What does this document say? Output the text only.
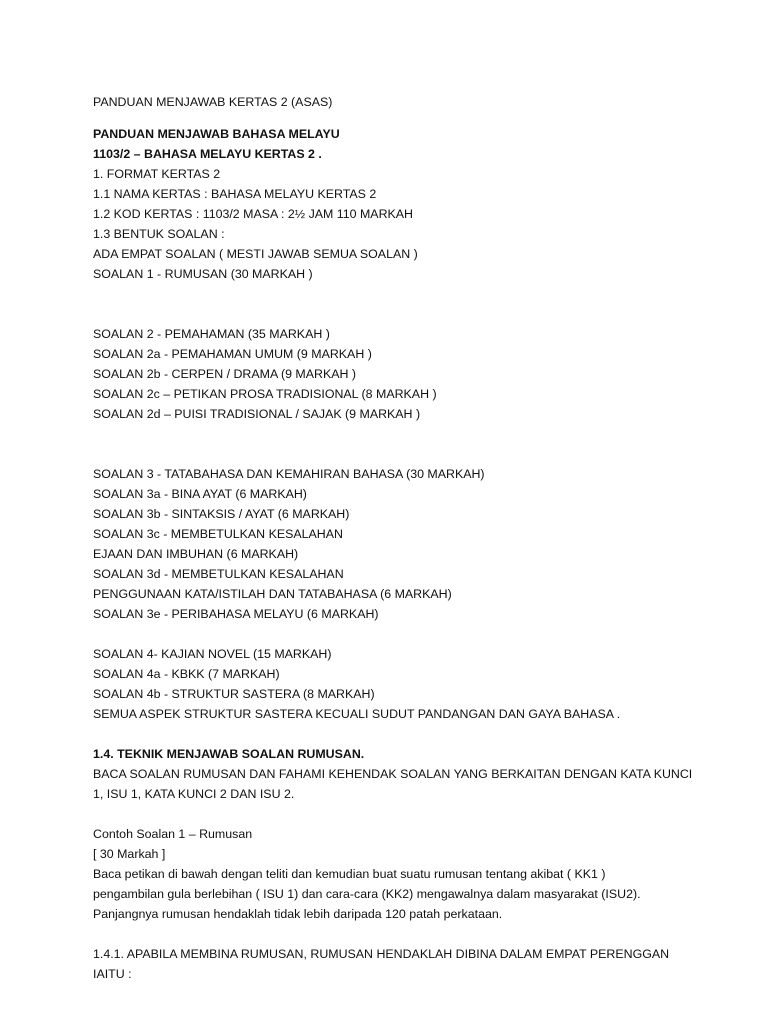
PANDUAN MENJAWAB KERTAS 2 (ASAS)
PANDUAN MENJAWAB BAHASA MELAYU
1103/2 – BAHASA MELAYU KERTAS 2 .
1. FORMAT KERTAS 2
1.1 NAMA KERTAS : BAHASA MELAYU KERTAS 2
1.2 KOD KERTAS : 1103/2 MASA : 2½ JAM 110 MARKAH
1.3 BENTUK SOALAN :
ADA EMPAT SOALAN ( MESTI JAWAB SEMUA SOALAN )
SOALAN 1 - RUMUSAN (30 MARKAH )
SOALAN 2 - PEMAHAMAN (35 MARKAH )
SOALAN 2a - PEMAHAMAN UMUM (9 MARKAH )
SOALAN 2b - CERPEN / DRAMA (9 MARKAH )
SOALAN 2c – PETIKAN PROSA TRADISIONAL (8 MARKAH )
SOALAN 2d – PUISI TRADISIONAL / SAJAK (9 MARKAH )
SOALAN 3 - TATABAHASA DAN KEMAHIRAN BAHASA (30 MARKAH)
SOALAN 3a - BINA AYAT (6 MARKAH)
SOALAN 3b - SINTAKSIS / AYAT (6 MARKAH)
SOALAN 3c - MEMBETULKAN KESALAHAN
EJAAN DAN IMBUHAN (6 MARKAH)
SOALAN 3d - MEMBETULKAN KESALAHAN
PENGGUNAAN KATA/ISTILAH DAN TATABAHASA (6 MARKAH)
SOALAN 3e - PERIBAHASA MELAYU (6 MARKAH)
SOALAN 4- KAJIAN NOVEL (15 MARKAH)
SOALAN 4a - KBKK (7 MARKAH)
SOALAN 4b - STRUKTUR SASTERA (8 MARKAH)
SEMUA ASPEK STRUKTUR SASTERA KECUALI SUDUT PANDANGAN DAN GAYA BAHASA .
1.4. TEKNIK MENJAWAB SOALAN RUMUSAN.
BACA SOALAN RUMUSAN DAN FAHAMI KEHENDAK SOALAN YANG BERKAITAN DENGAN KATA KUNCI
1, ISU 1, KATA KUNCI 2 DAN ISU 2.
Contoh Soalan 1 – Rumusan
[ 30 Markah ]
Baca petikan di bawah dengan teliti dan kemudian buat suatu rumusan tentang akibat ( KK1 )
pengambilan gula berlebihan ( ISU 1) dan cara-cara (KK2) mengawalnya dalam masyarakat (ISU2).
Panjangnya rumusan hendaklah tidak lebih daripada 120 patah perkataan.
1.4.1. APABILA MEMBINA RUMUSAN, RUMUSAN HENDAKLAH DIBINA DALAM EMPAT PERENGGAN
IAITU :
